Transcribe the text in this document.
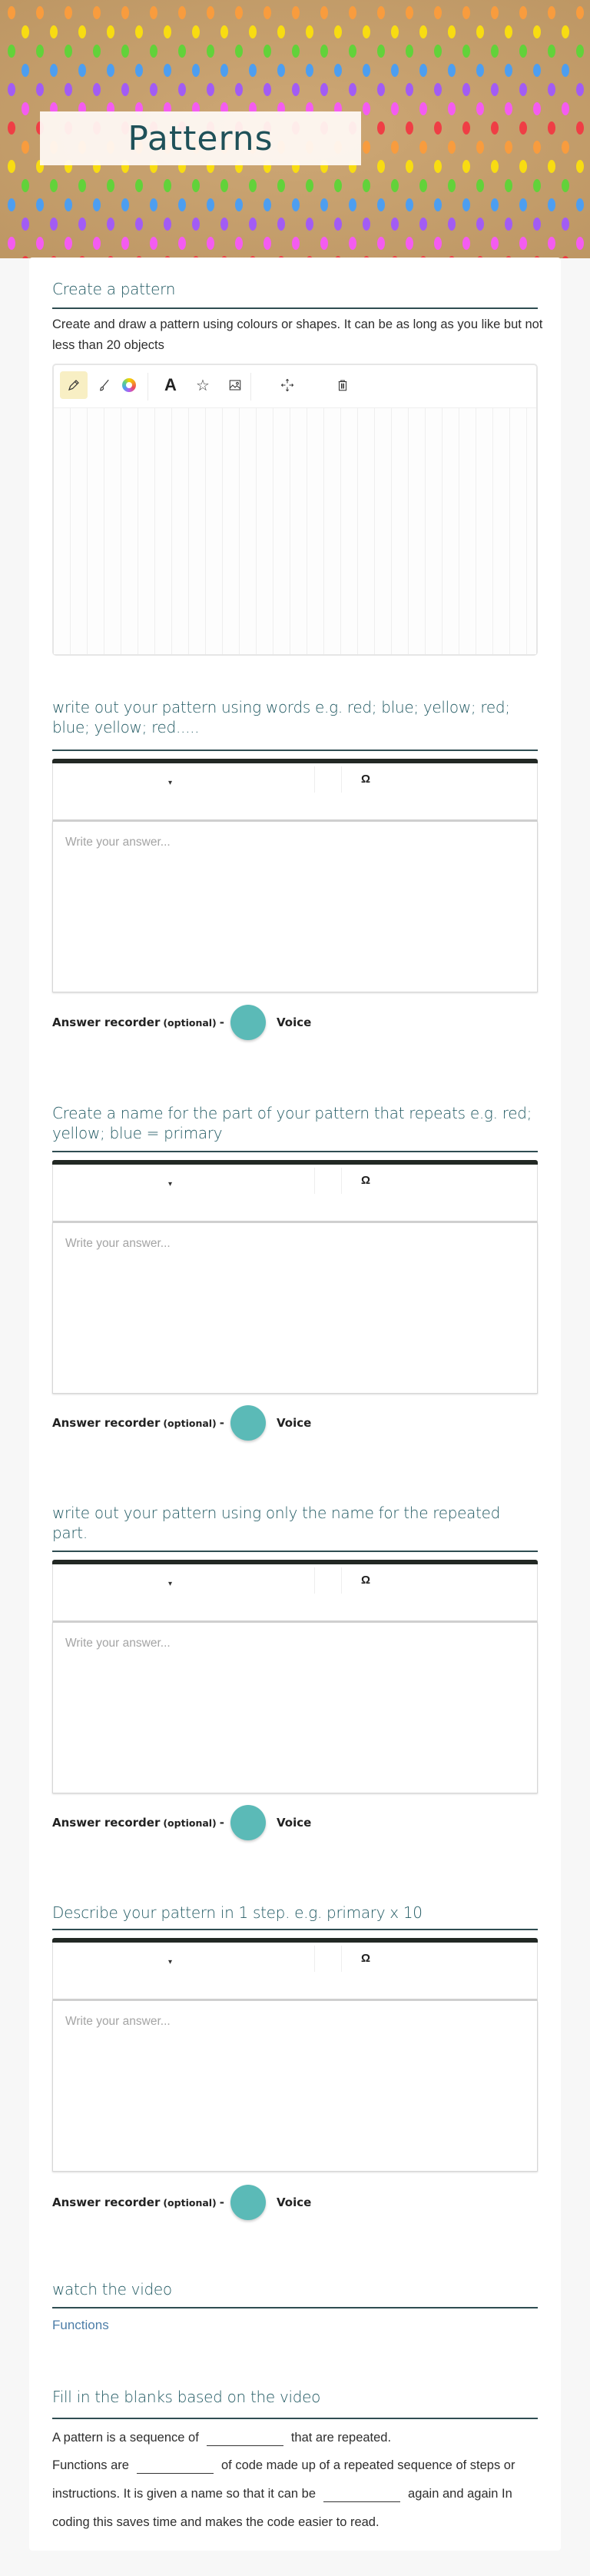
Patterns
Create a pattern
Create and draw a pattern using colours or shapes. It can be as long as you like but not less than 20 objects
A ☆
write out your pattern using words e.g. red; blue; yellow; red; blue; yellow; red.....
▾	Ω
Write your answer...
Answer recorder (optional) -	Voice
Create a name for the part of your pattern that repeats e.g. red; yellow; blue = primary
▾	Ω
Write your answer...
Answer recorder (optional) -	Voice
write out your pattern using only the name for the repeated part.
▾	Ω
Write your answer...
Answer recorder (optional) -	Voice
Describe your pattern in 1 step. e.g. primary x 10
▾	Ω
Write your answer...
Answer recorder (optional) -	Voice
watch the video
Functions
Fill in the blanks based on the video
A pattern is a sequence of	that are repeated.
Functions are	of code made up of a repeated sequence of steps or instructions. It is given a name so that it can be	again and again In coding this saves time and makes the code easier to read.
